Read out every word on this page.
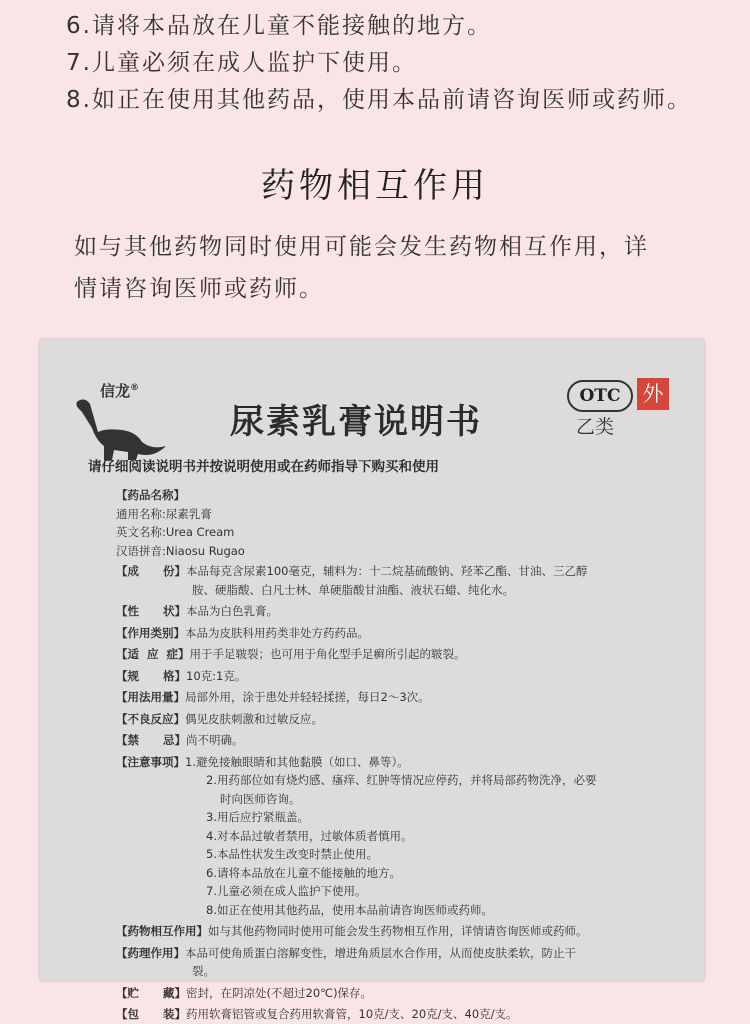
6.请将本品放在儿童不能接触的地方。
7.儿童必须在成人监护下使用。
8.如正在使用其他药品，使用本品前请咨询医师或药师。
药物相互作用
如与其他药物同时使用可能会发生药物相互作用，详
情请咨询医师或药师。
信龙®
尿素乳膏说明书
OTC
乙类
外
请仔细阅读说明书并按说明使用或在药师指导下购买和使用
【药品名称】
通用名称: 尿素乳膏
英文名称: Urea Cream
汉语拼音: Niaosu Rugao
【成      份】 本品每克含尿素100毫克，辅料为：十二烷基硫酸钠、羟苯乙酯、甘油、三乙醇
胺、硬脂酸、白凡士林、单硬脂酸甘油酯、液状石蜡、纯化水。
【性      状】 本品为白色乳膏。
【作用类别】 本品为皮肤科用药类非处方药药品。
【适  应  症】 用于手足皲裂；也可用于角化型手足癣所引起的皲裂。
【规      格】 10克:1克。
【用法用量】 局部外用，涂于患处并轻轻揉搓，每日2～3次。
【不良反应】 偶见皮肤刺激和过敏反应。
【禁      忌】 尚不明确。
【注意事项】 1.避免接触眼睛和其他黏膜（如口、鼻等）。
2.用药部位如有烧灼感、瘙痒、红肿等情况应停药，并将局部药物洗净，必要
时向医师咨询。
3.用后应拧紧瓶盖。
4.对本品过敏者禁用，过敏体质者慎用。
5.本品性状发生改变时禁止使用。
6.请将本品放在儿童不能接触的地方。
7.儿童必须在成人监护下使用。
8.如正在使用其他药品，使用本品前请咨询医师或药师。
【药物相互作用】 如与其他药物同时使用可能会发生药物相互作用，详情请咨询医师或药师。
【药理作用】 本品可使角质蛋白溶解变性，增进角质层水合作用，从而使皮肤柔软，防止干
裂。
【贮      藏】 密封，在阴凉处(不超过20℃)保存。
【包      装】 药用软膏铝管或复合药用软膏管，10克/支、20克/支、40克/支。
